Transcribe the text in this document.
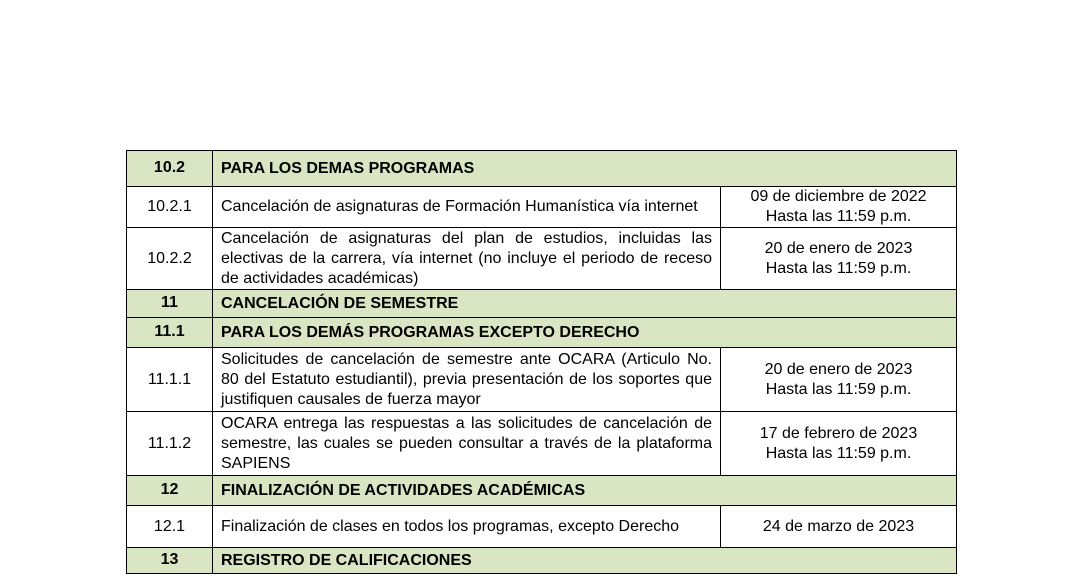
10.2	PARA LOS DEMAS PROGRAMAS	

10.2.1	Cancelación de asignaturas de Formación Humanística vía internet	09 de diciembre de 2022
Hasta las 11:59 p.m.

10.2.2	Cancelación de asignaturas del plan de estudios, incluidas las electivas de la carrera, vía internet (no incluye el periodo de receso de actividades académicas)	20 de enero de 2023
Hasta las 11:59 p.m.

11	CANCELACIÓN DE SEMESTRE	

11.1	PARA LOS DEMÁS PROGRAMAS EXCEPTO DERECHO	

11.1.1	Solicitudes de cancelación de semestre ante OCARA (Articulo No. 80 del Estatuto estudiantil), previa presentación de los soportes que justifiquen causales de fuerza mayor	20 de enero de 2023
Hasta las 11:59 p.m.

11.1.2	OCARA entrega las respuestas a las solicitudes de cancelación de semestre, las cuales se pueden consultar a través de la plataforma SAPIENS	17 de febrero de 2023
Hasta las 11:59 p.m.

12	FINALIZACIÓN DE ACTIVIDADES ACADÉMICAS	

12.1	Finalización de clases en todos los programas, excepto Derecho	24 de marzo de 2023

13	REGISTRO DE CALIFICACIONES	
